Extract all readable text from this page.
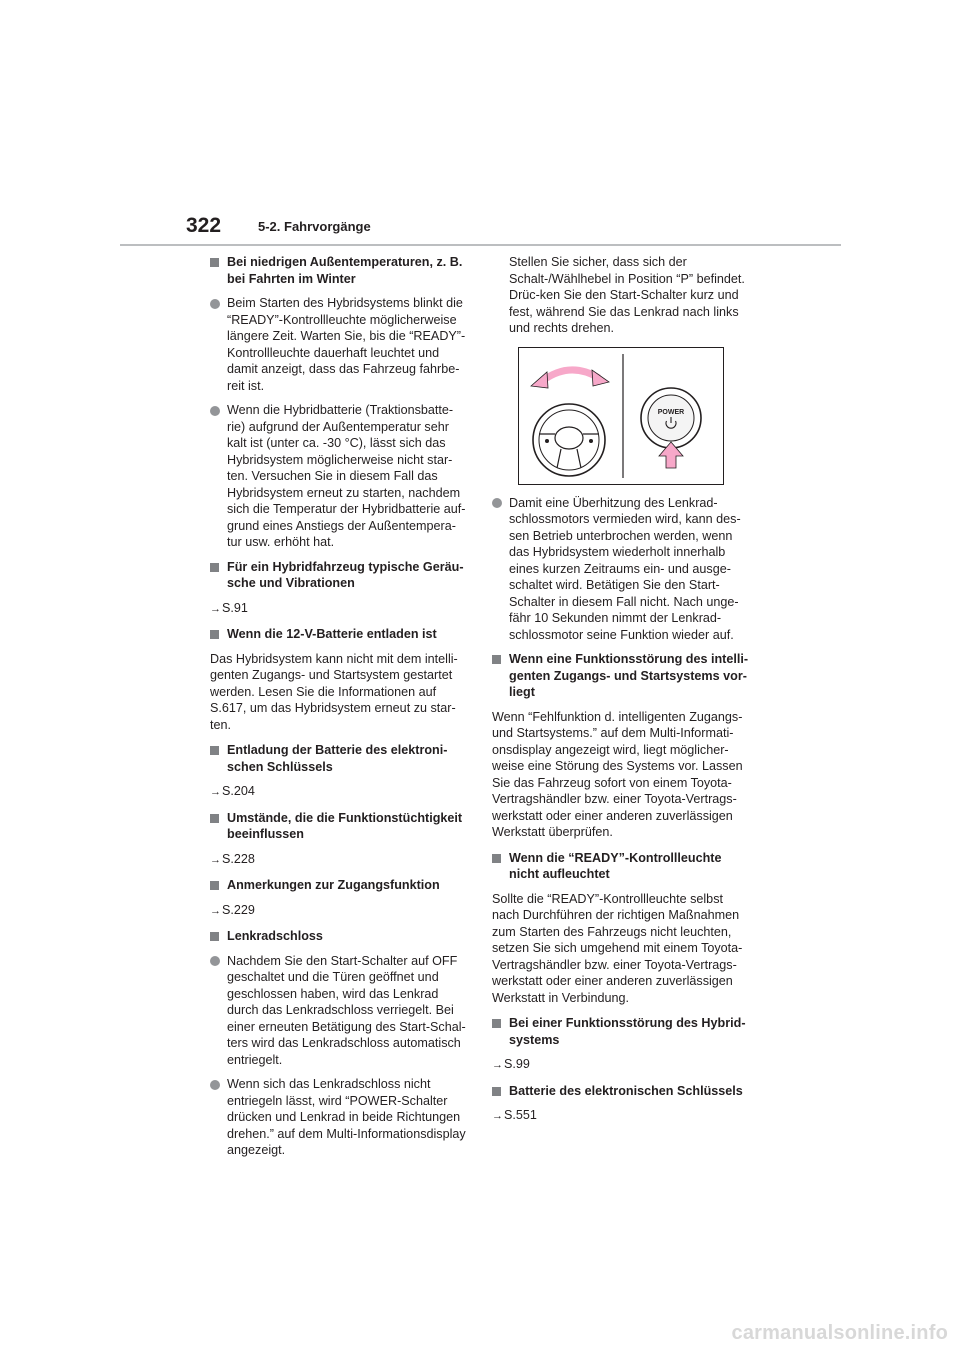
322	5-2. Fahrvorgänge
Bei niedrigen Außentemperaturen, z. B. bei Fahrten im Winter
Beim Starten des Hybridsystems blinkt die “READY”-Kontrollleuchte möglicherweise längere Zeit. Warten Sie, bis die “READY”-Kontrollleuchte dauerhaft leuchtet und damit anzeigt, dass das Fahrzeug fahrbe-reit ist.
Wenn die Hybridbatterie (Traktionsbatte-rie) aufgrund der Außentemperatur sehr kalt ist (unter ca. -30 °C), lässt sich das Hybridsystem möglicherweise nicht star-ten. Versuchen Sie in diesem Fall das Hybridsystem erneut zu starten, nachdem sich die Temperatur der Hybridbatterie auf-grund eines Anstiegs der Außentempera-tur usw. erhöht hat.
Für ein Hybridfahrzeug typische Geräu-sche und Vibrationen
→S.91
Wenn die 12-V-Batterie entladen ist

Das Hybridsystem kann nicht mit dem intelli-genten Zugangs- und Startsystem gestartet werden. Lesen Sie die Informationen auf S.617, um das Hybridsystem erneut zu star-ten.

Entladung der Batterie des elektroni-schen Schlüssels
→S.204
Umstände, die die Funktionstüchtigkeit beeinflussen
→S.228
Anmerkungen zur Zugangsfunktion
→S.229
Lenkradschloss
Nachdem Sie den Start-Schalter auf OFF geschaltet und die Türen geöffnet und geschlossen haben, wird das Lenkrad durch das Lenkradschloss verriegelt. Bei einer erneuten Betätigung des Start-Schal-ters wird das Lenkradschloss automatisch entriegelt.
Wenn sich das Lenkradschloss nicht entriegeln lässt, wird “POWER-Schalter drücken und Lenkrad in beide Richtungen drehen.” auf dem Multi-Informationsdisplay angezeigt.

Stellen Sie sicher, dass sich der Schalt-/Wählhebel in Position “P” befindet. Drüc-ken Sie den Start-Schalter kurz und fest, während Sie das Lenkrad nach links und rechts drehen.

POWER
Damit eine Überhitzung des Lenkrad-schlossmotors vermieden wird, kann des-sen Betrieb unterbrochen werden, wenn das Hybridsystem wiederholt innerhalb eines kurzen Zeitraums ein- und ausge-schaltet wird. Betätigen Sie den Start-Schalter in diesem Fall nicht. Nach unge-fähr 10 Sekunden nimmt der Lenkrad-schlossmotor seine Funktion wieder auf.
Wenn eine Funktionsstörung des intelli-genten Zugangs- und Startsystems vor-liegt

Wenn “Fehlfunktion d. intelligenten Zugangs- und Startsystems.” auf dem Multi-Informati-onsdisplay angezeigt wird, liegt möglicher-weise eine Störung des Systems vor. Lassen Sie das Fahrzeug sofort von einem Toyota-Vertragshändler bzw. einer Toyota-Vertrags-werkstatt oder einer anderen zuverlässigen Werkstatt überprüfen.

Wenn die “READY”-Kontrollleuchte nicht aufleuchtet

Sollte die “READY”-Kontrollleuchte selbst nach Durchführen der richtigen Maßnahmen zum Starten des Fahrzeugs nicht leuchten, setzen Sie sich umgehend mit einem Toyota-Vertragshändler bzw. einer Toyota-Vertrags-werkstatt oder einer anderen zuverlässigen Werkstatt in Verbindung.

Bei einer Funktionsstörung des Hybrid-systems
→S.99
Batterie des elektronischen Schlüssels
→S.551
carmanualsonline.info
